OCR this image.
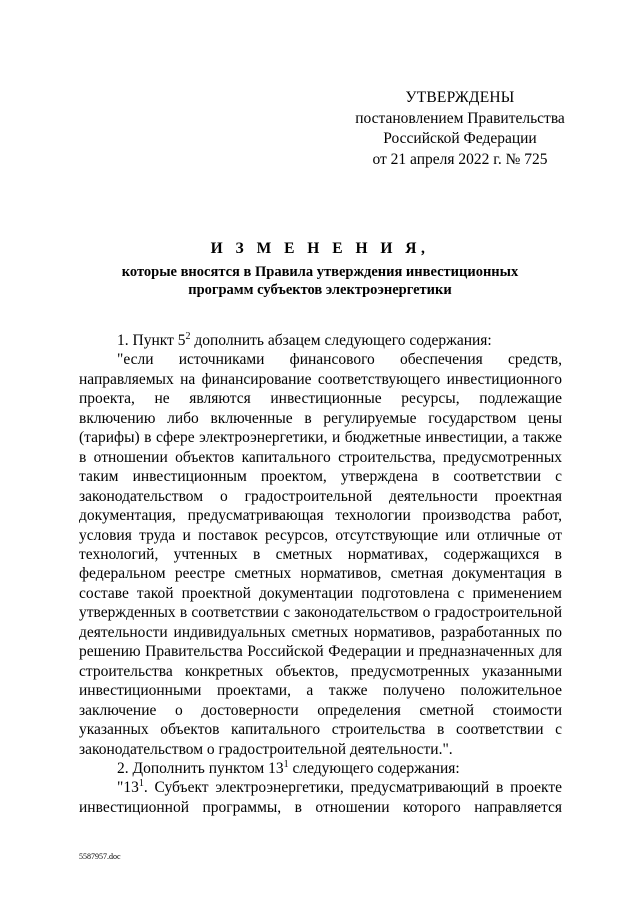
УТВЕРЖДЕНЫ
постановлением Правительства
Российской Федерации
от 21 апреля 2022 г. № 725
И З М Е Н Е Н И Я,
которые вносятся в Правила утверждения инвестиционных
программ субъектов электроэнергетики

1. Пункт $5^2$ дополнить абзацем следующего содержания:

"если источниками финансового обеспечения средств, направляемых на финансирование соответствующего инвестиционного проекта, не являются инвестиционные ресурсы, подлежащие включению либо включенные в регулируемые государством цены (тарифы) в сфере электроэнергетики, и бюджетные инвестиции, а также в отношении объектов капитального строительства, предусмотренных таким инвестиционным проектом, утверждена в соответствии с законодательством о градостроительной деятельности проектная документация, предусматривающая технологии производства работ, условия труда и поставок ресурсов, отсутствующие или отличные от технологий, учтенных в сметных нормативах, содержащихся в федеральном реестре сметных нормативов, сметная документация в составе такой проектной документации подготовлена с применением утвержденных в соответствии с законодательством о градостроительной деятельности индивидуальных сметных нормативов, разработанных по решению Правительства Российской Федерации и предназначенных для строительства конкретных объектов, предусмотренных указанными инвестиционными проектами, а также получено положительное заключение о достоверности определения сметной стоимости указанных объектов капитального строительства в соответствии с законодательством о градостроительной деятельности.".

2. Дополнить пунктом $13^1$ следующего содержания:

"$13^1$. Субъект электроэнергетики, предусматривающий в проекте инвестиционной программы, в отношении которого направляется

5587957.doc
